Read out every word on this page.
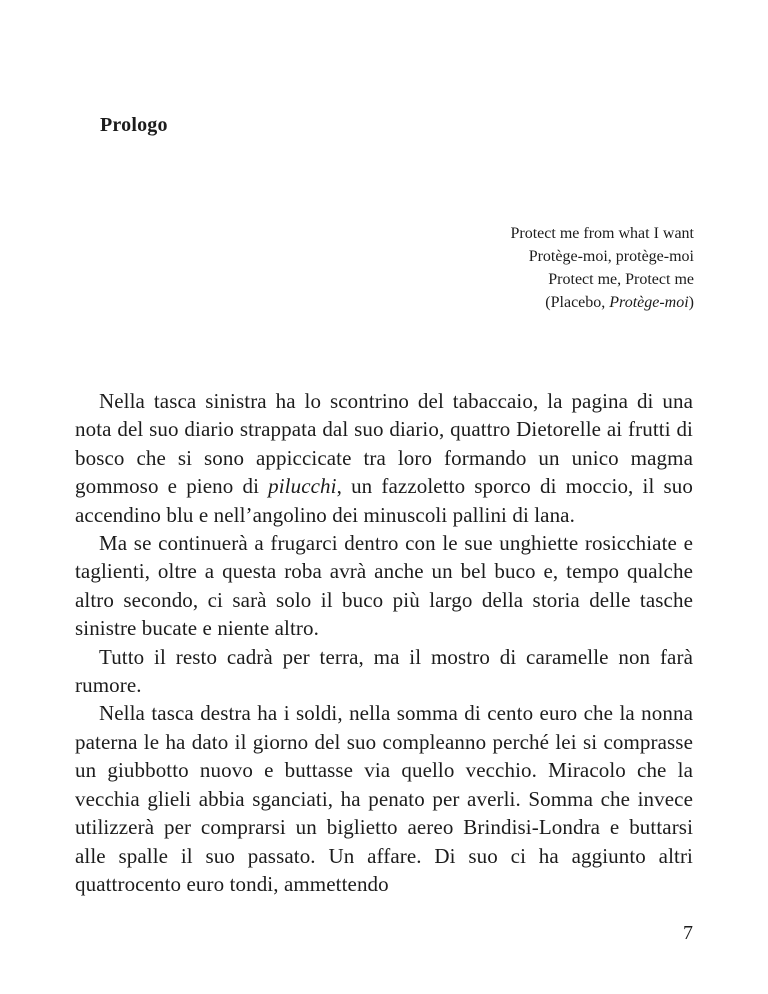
Prologo
Protect me from what I want
Protège-moi, protège-moi
Protect me, Protect me
(Placebo, Protège-moi)

Nella tasca sinistra ha lo scontrino del tabaccaio, la pagina di una nota del suo diario strappata dal suo diario, quattro Dietorelle ai frutti di bosco che si sono appiccicate tra loro formando un unico magma gommoso e pieno di pilucchi, un fazzoletto sporco di moccio, il suo accendino blu e nell’angolino dei minuscoli pallini di lana.

Ma se continuerà a frugarci dentro con le sue unghiette rosicchiate e taglienti, oltre a questa roba avrà anche un bel buco e, tempo qualche altro secondo, ci sarà solo il buco più largo della storia delle tasche sinistre bucate e niente altro.

Tutto il resto cadrà per terra, ma il mostro di caramelle non farà rumore.

Nella tasca destra ha i soldi, nella somma di cento euro che la nonna paterna le ha dato il giorno del suo compleanno perché lei si comprasse un giubbotto nuovo e buttasse via quello vecchio. Miracolo che la vecchia glieli abbia sganciati, ha penato per averli. Somma che invece utilizzerà per comprarsi un biglietto aereo Brindisi-Londra e buttarsi alle spalle il suo passato. Un affare. Di suo ci ha aggiunto altri quattrocento euro tondi, ammettendo

7
